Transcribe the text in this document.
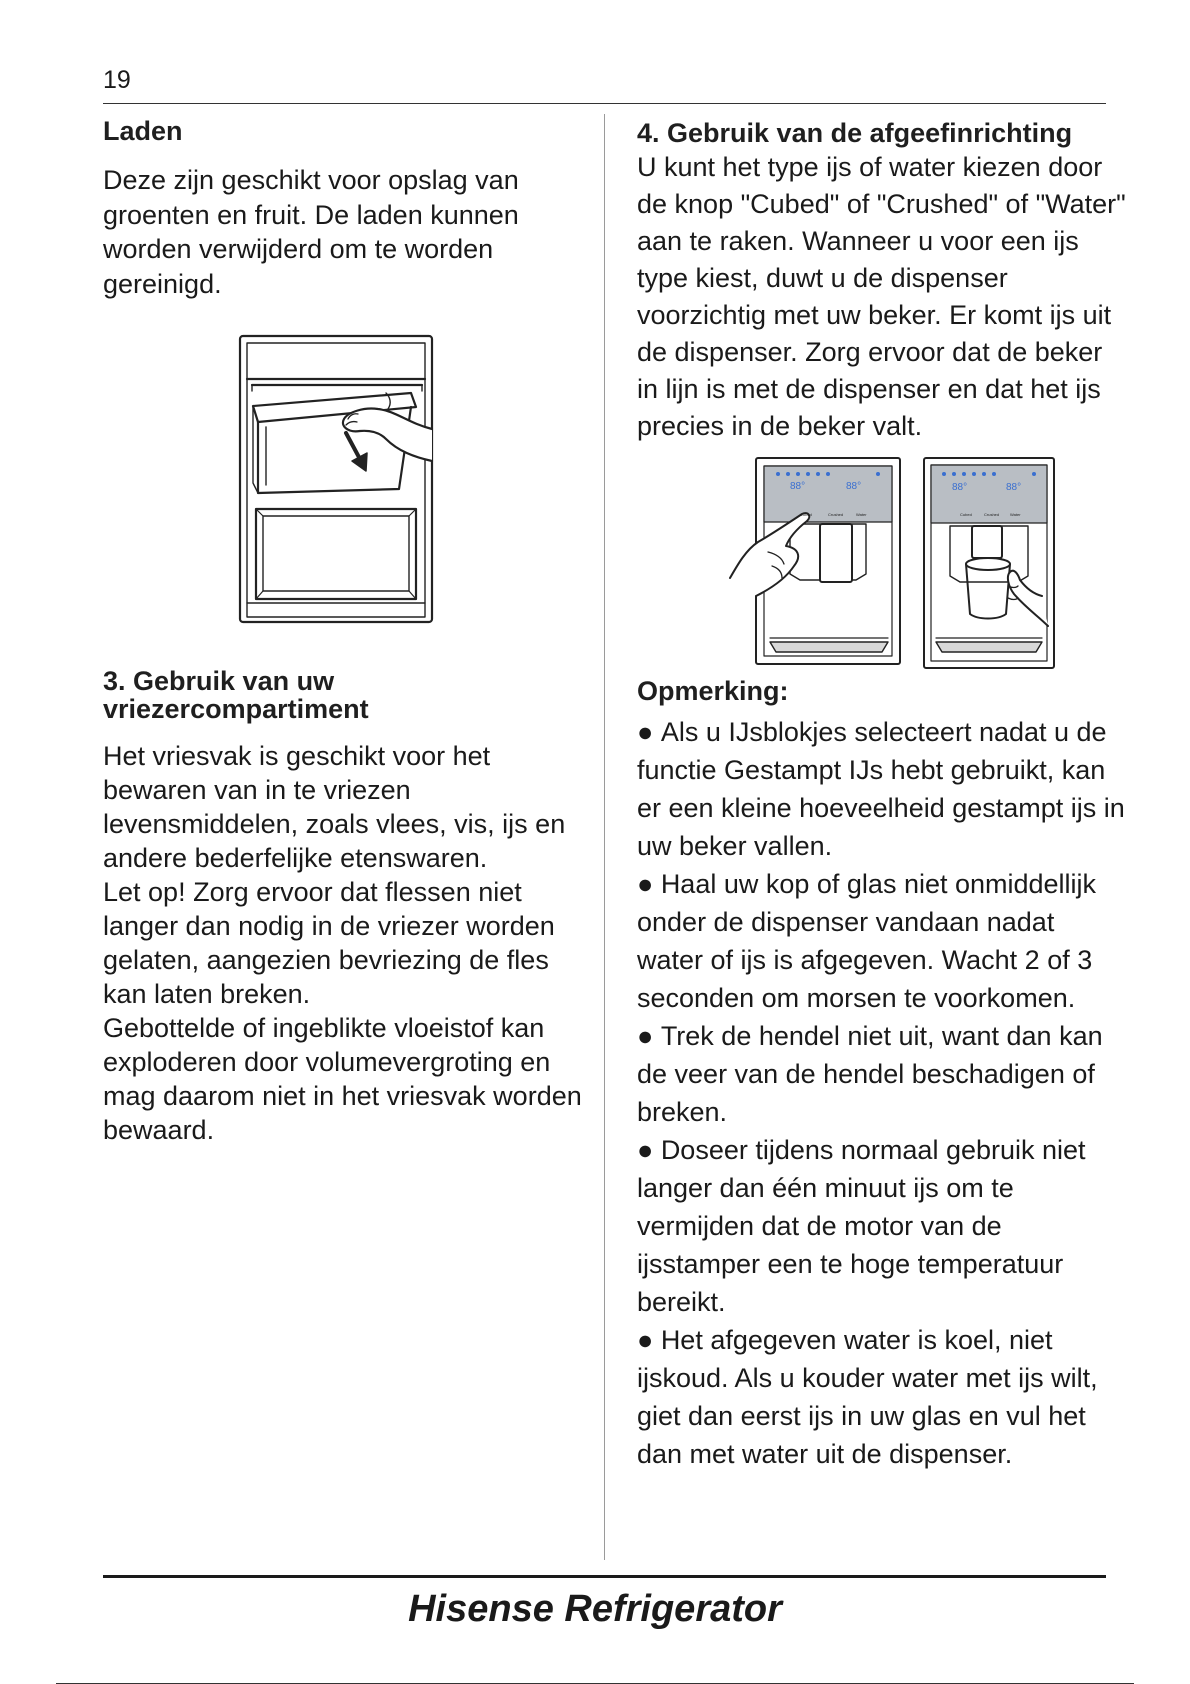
19
Laden

Deze zijn geschikt voor opslag van groenten en fruit. De laden kunnen worden verwijderd om te worden gereinigd.

3. Gebruik van uw
vriezercompartiment

Het vriesvak is geschikt voor het bewaren van in te vriezen levensmiddelen, zoals vlees, vis, ijs en andere bederfelijke etenswaren.

Let op! Zorg ervoor dat flessen niet langer dan nodig in de vriezer worden gelaten, aangezien bevriezing de fles kan laten breken.

Gebottelde of ingeblikte vloeistof kan exploderen door volumevergroting en mag daarom niet in het vriesvak worden bewaard.

4. Gebruik van de afgeefinrichting

U kunt het type ijs of water kiezen door de knop "Cubed" of "Crushed" of "Water" aan te raken. Wanneer u voor een ijs type kiest, duwt u de dispenser voorzichtig met uw beker. Er komt ijs uit de dispenser. Zorg ervoor dat de beker in lijn is met de dispenser en dat het ijs precies in de beker valt.

88°	88°
Cubed	Crushed	Water
88°	88°
Cubed	Crushed	Water
Opmerking:

● Als u IJsblokjes selecteert nadat u de functie Gestampt IJs hebt gebruikt, kan er een kleine hoeveelheid gestampt ijs in uw beker vallen.

● Haal uw kop of glas niet onmiddellijk onder de dispenser vandaan nadat water of ijs is afgegeven. Wacht 2 of 3 seconden om morsen te voorkomen.

● Trek de hendel niet uit, want dan kan de veer van de hendel beschadigen of breken.

● Doseer tijdens normaal gebruik niet langer dan één minuut ijs om te vermijden dat de motor van de ijsstamper een te hoge temperatuur bereikt.

● Het afgegeven water is koel, niet ijskoud. Als u kouder water met ijs wilt, giet dan eerst ijs in uw glas en vul het dan met water uit de dispenser.

Hisense Refrigerator
